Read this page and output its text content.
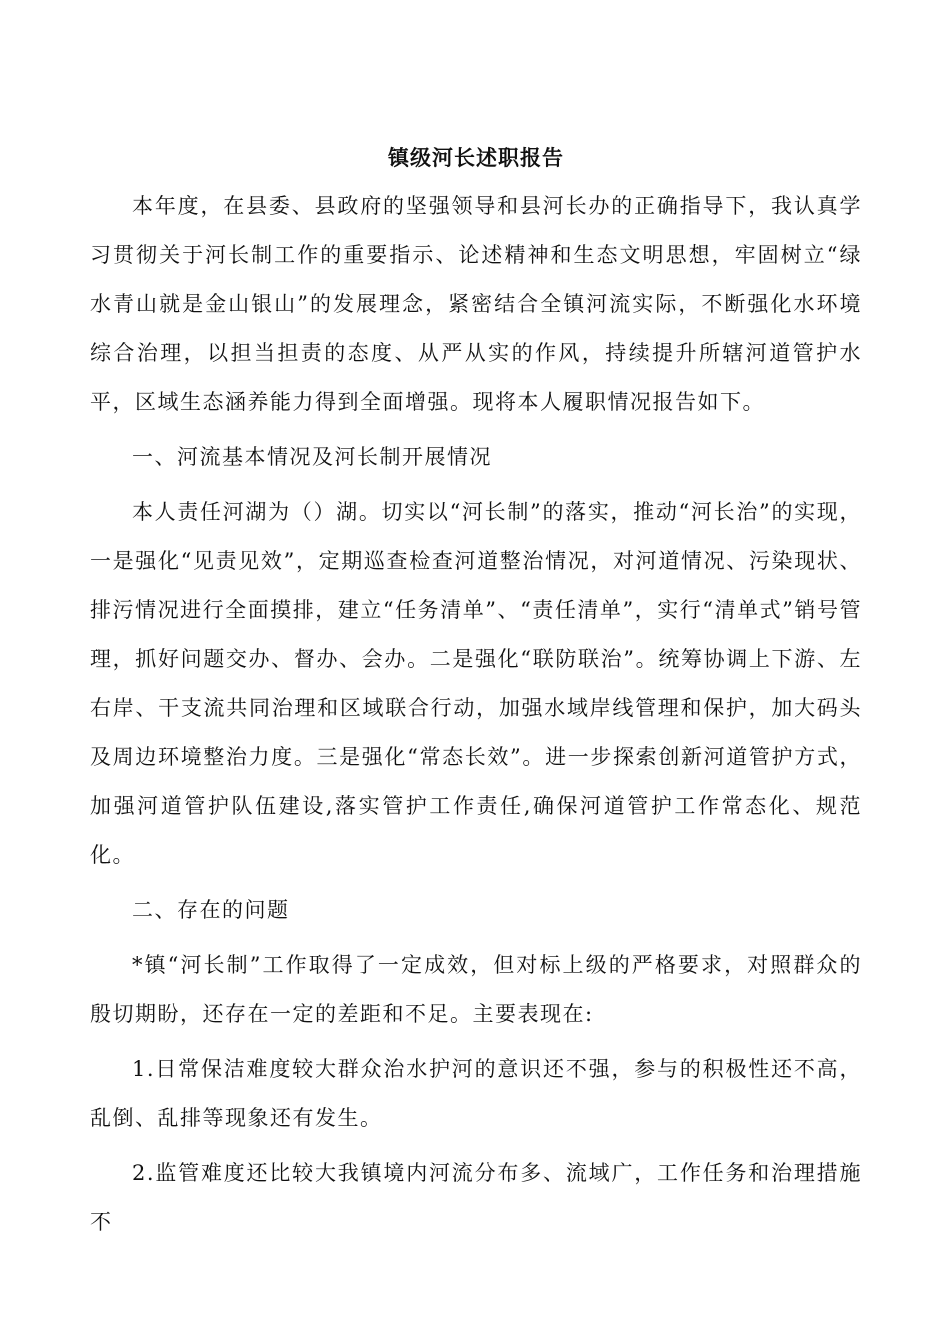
镇级河长述职报告

本年度，在县委、县政府的坚强领导和县河长办的正确指导下，我认真学习贯彻关于河长制工作的重要指示、论述精神和生态文明思想，牢固树立“绿水青山就是金山银山”的发展理念，紧密结合全镇河流实际，不断强化水环境综合治理，以担当担责的态度、从严从实的作风，持续提升所辖河道管护水平，区域生态涵养能力得到全面增强。现将本人履职情况报告如下。

一、河流基本情况及河长制开展情况

本人责任河湖为（）湖。切实以“河长制”的落实，推动“河长治”的实现，一是强化“见责见效”，定期巡查检查河道整治情况，对河道情况、污染现状、排污情况进行全面摸排，建立“任务清单”、“责任清单”，实行“清单式”销号管理，抓好问题交办、督办、会办。二是强化“联防联治”。统筹协调上下游、左右岸、干支流共同治理和区域联合行动，加强水域岸线管理和保护，加大码头及周边环境整治力度。三是强化“常态长效”。进一步探索创新河道管护方式，加强河道管护队伍建设,落实管护工作责任,确保河道管护工作常态化、规范化。

二、存在的问题

*镇“河长制”工作取得了一定成效，但对标上级的严格要求，对照群众的殷切期盼，还存在一定的差距和不足。主要表现在:

1.日常保洁难度较大群众治水护河的意识还不强，参与的积极性还不高，乱倒、乱排等现象还有发生。

2.监管难度还比较大我镇境内河流分布多、流域广，工作任务和治理措施不
